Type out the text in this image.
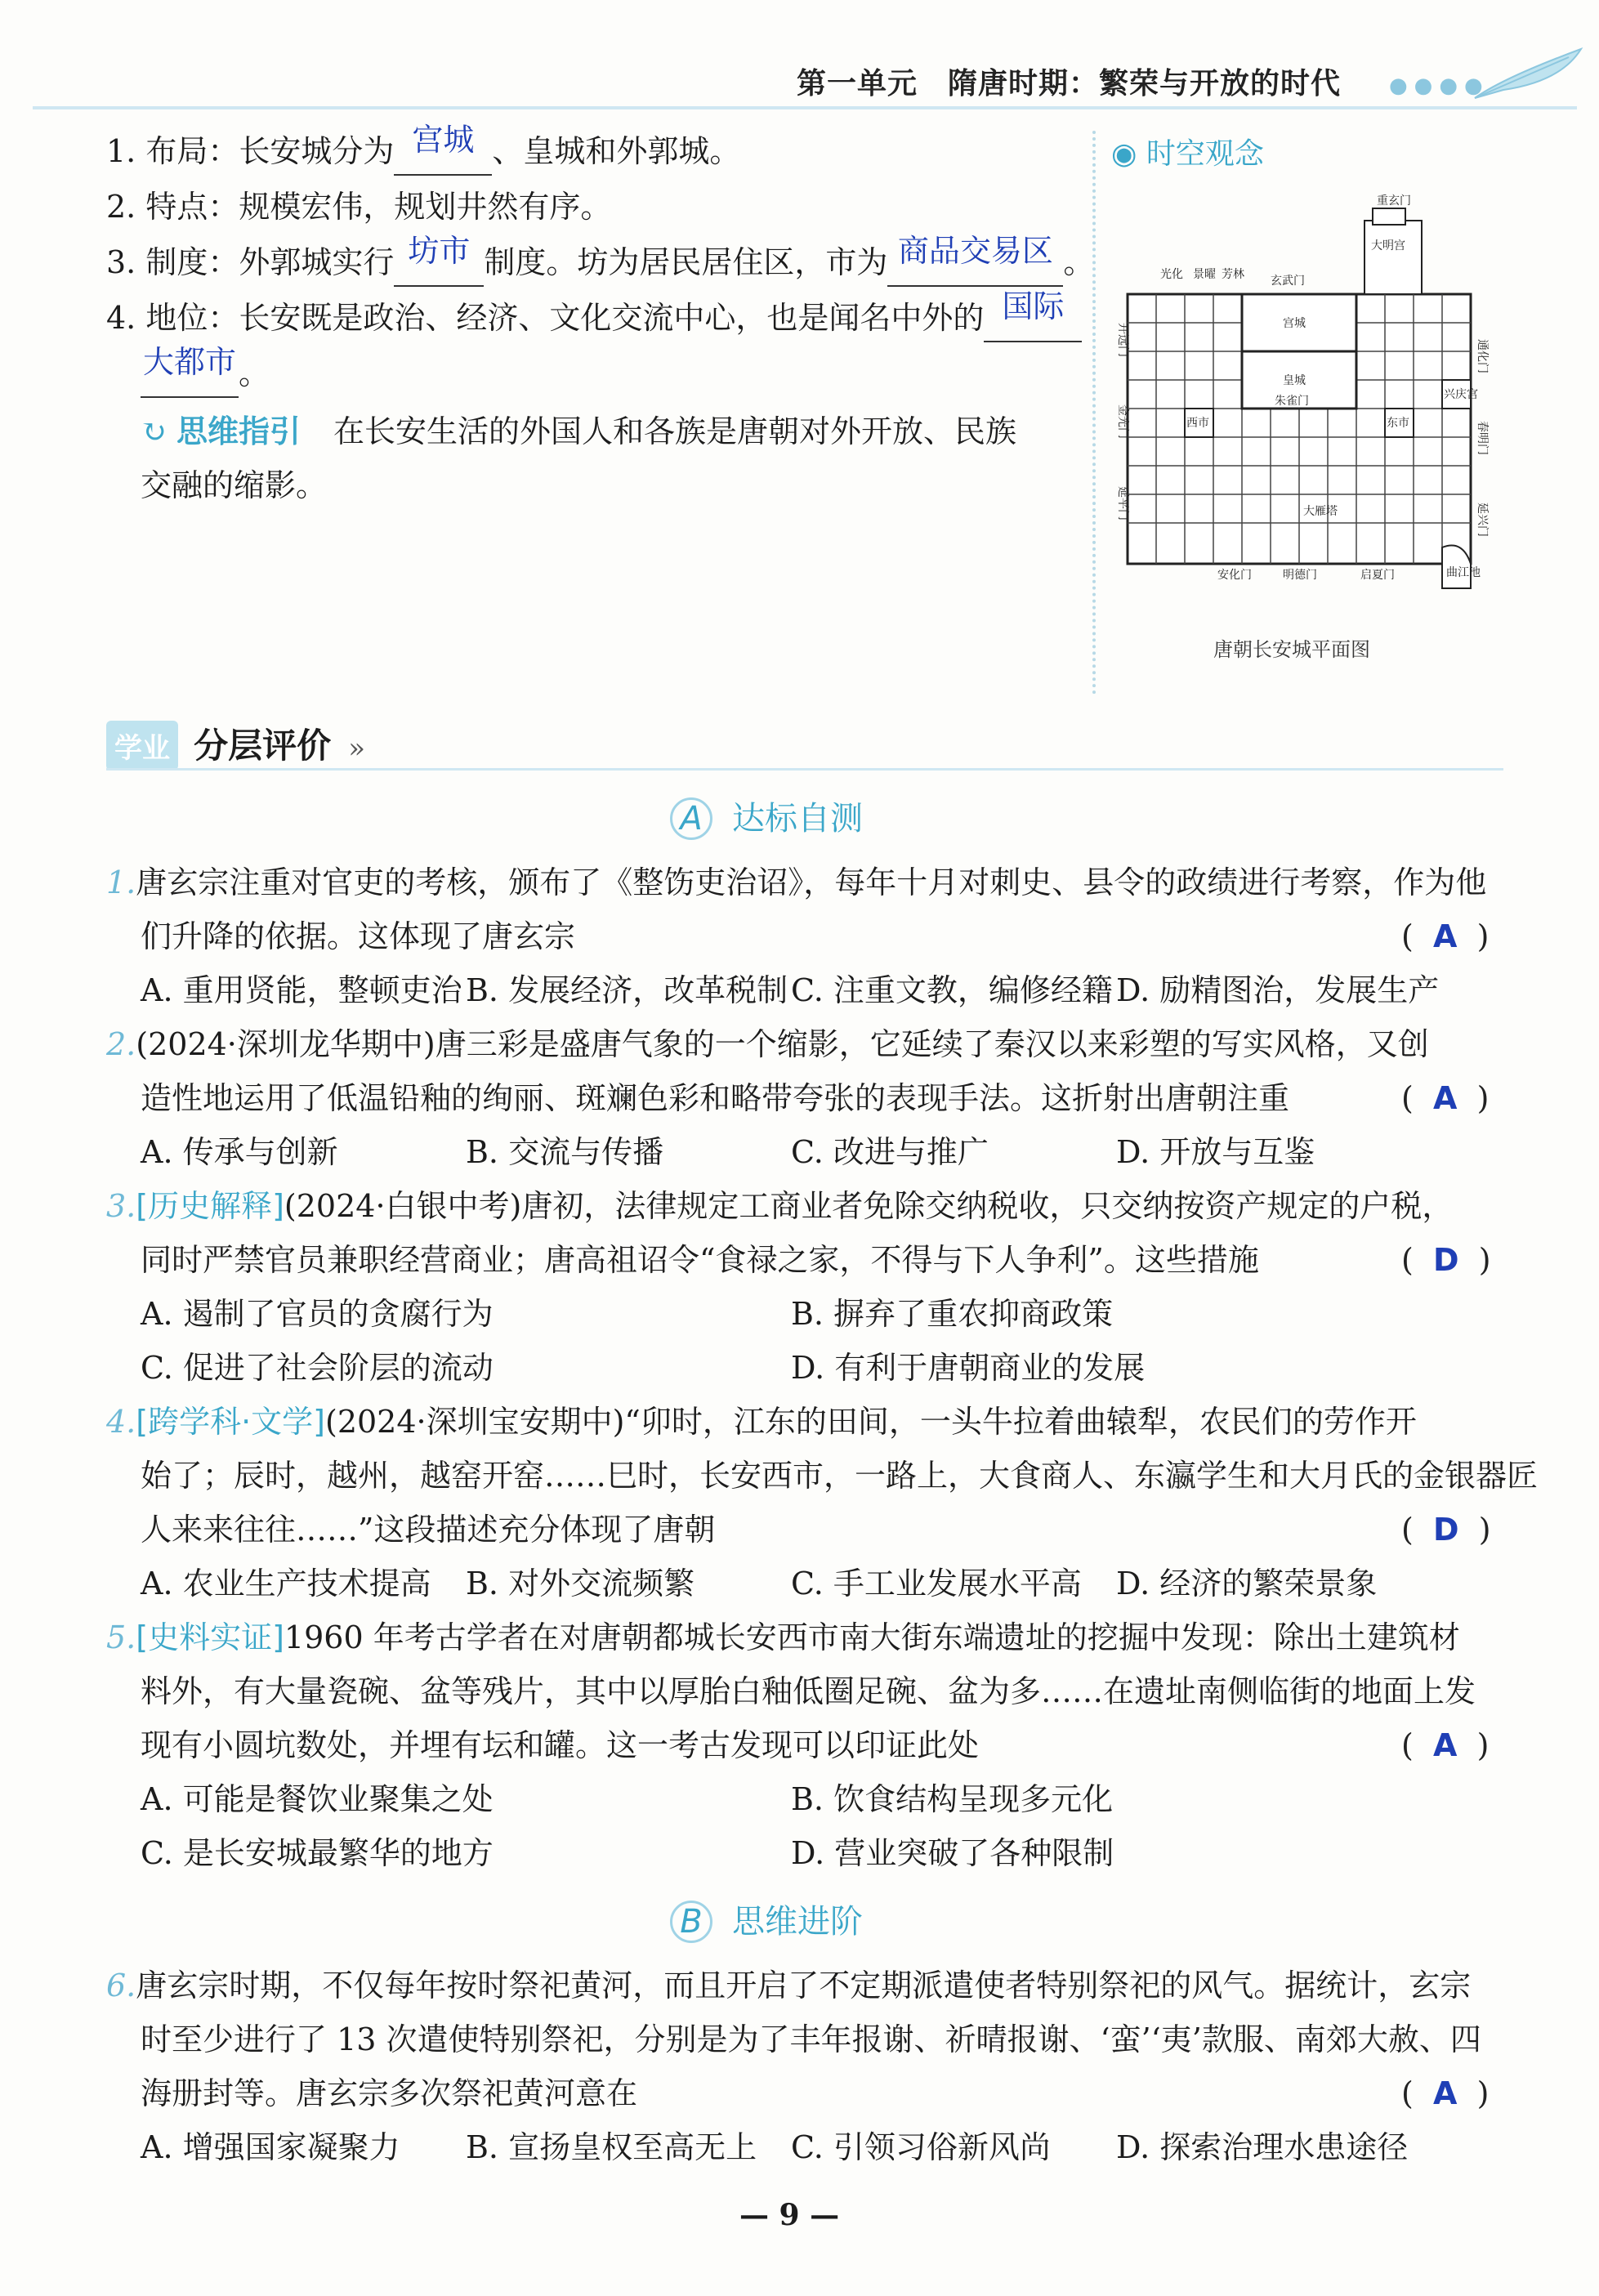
第一单元　隋唐时期：繁荣与开放的时代 ●●●●
1. 布局：长安城分为 宫城 、皇城和外郭城。
2. 特点：规模宏伟，规划井然有序。
3. 制度：外郭城实行 坊市 制度。坊为居民居住区，市为 商品交易区 。
4. 地位：长安既是政治、经济、文化交流中心，也是闻名中外的 国际
大都市。
↻ 思维指引 在长安生活的外国人和各族是唐朝对外开放、民族
交融的缩影。
◉ 时空观念
重玄门
大明宫
玄武门
光化 景曜 芳林
宫城
皇城
朱雀门
西市	东市
兴庆宫
大雁塔
安化门	明德门	启夏门	曲江池
开远门
金光门
延平门
通化门
春明门
延兴门
唐朝长安城平面图
学业 分层评价 »
A 达标自测
1.唐玄宗注重对官吏的考核，颁布了《整饬吏治诏》，每年十月对刺史、县令的政绩进行考察，作为他
们升降的依据。这体现了唐玄宗	( A )
A. 重用贤能，整顿吏治 B. 发展经济，改革税制 C. 注重文教，编修经籍 D. 励精图治，发展生产
2.(2024·深圳龙华期中)唐三彩是盛唐气象的一个缩影，它延续了秦汉以来彩塑的写实风格，又创
造性地运用了低温铅釉的绚丽、斑斓色彩和略带夸张的表现手法。这折射出唐朝注重	( A )
A. 传承与创新	B. 交流与传播	C. 改进与推广	D. 开放与互鉴
3.[历史解释](2024·白银中考)唐初，法律规定工商业者免除交纳税收，只交纳按资产规定的户税，
同时严禁官员兼职经营商业；唐高祖诏令“食禄之家，不得与下人争利”。这些措施	( D )
A. 遏制了官员的贪腐行为	B. 摒弃了重农抑商政策
C. 促进了社会阶层的流动	D. 有利于唐朝商业的发展
4.[跨学科·文学](2024·深圳宝安期中)“卯时，江东的田间，一头牛拉着曲辕犁，农民们的劳作开
始了；辰时，越州，越窑开窑……巳时，长安西市，一路上，大食商人、东瀛学生和大月氏的金银器匠
人来来往往……”这段描述充分体现了唐朝	( D )
A. 农业生产技术提高 B. 对外交流频繁	C. 手工业发展水平高 D. 经济的繁荣景象
5.[史料实证]1960 年考古学者在对唐朝都城长安西市南大街东端遗址的挖掘中发现：除出土建筑材
料外，有大量瓷碗、盆等残片，其中以厚胎白釉低圈足碗、盆为多……在遗址南侧临街的地面上发
现有小圆坑数处，并埋有坛和罐。这一考古发现可以印证此处	( A )
A. 可能是餐饮业聚集之处	B. 饮食结构呈现多元化
C. 是长安城最繁华的地方	D. 营业突破了各种限制
B 思维进阶
6.唐玄宗时期，不仅每年按时祭祀黄河，而且开启了不定期派遣使者特别祭祀的风气。据统计，玄宗
时至少进行了 13 次遣使特别祭祀，分别是为了丰年报谢、祈晴报谢、‘蛮’‘夷’款服、南郊大赦、四
海册封等。唐玄宗多次祭祀黄河意在	( A )
A. 增强国家凝聚力 B. 宣扬皇权至高无上 C. 引领习俗新风尚 D. 探索治理水患途径
— 9 —
